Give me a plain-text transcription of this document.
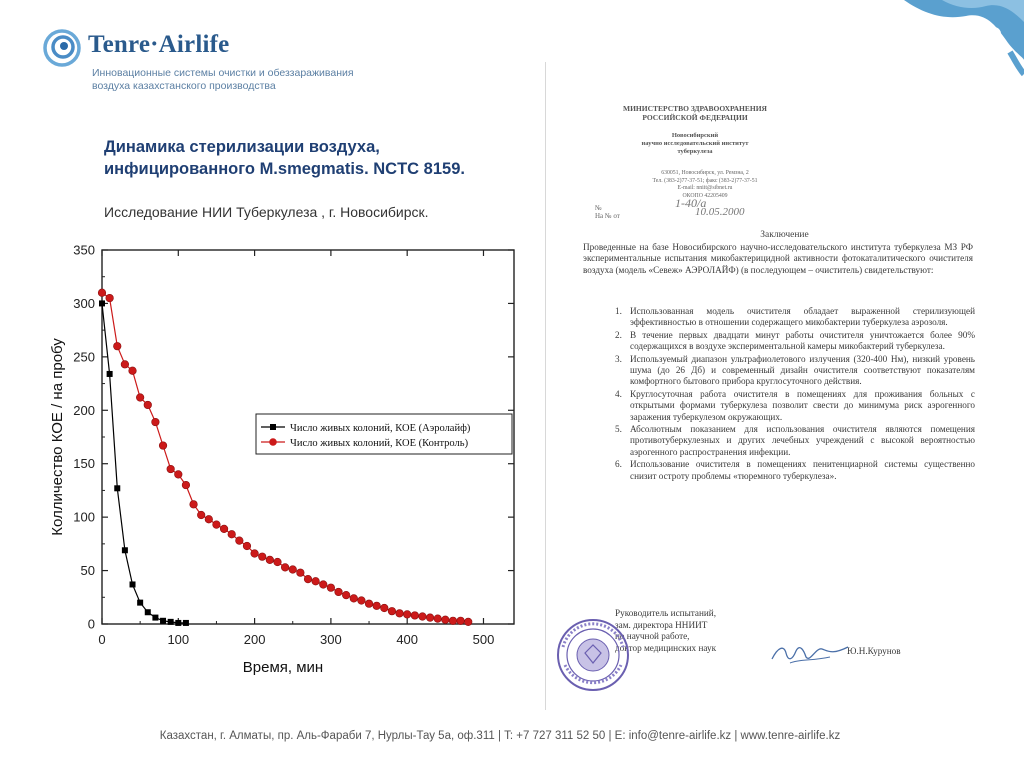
Tenre·Airlife
Инновационные системы очистки и обеззараживания
воздуха казахстанского производства
Динамика стерилизации воздуха,
инфицированного M.smegmatis. NCTC 8159.
Исследование НИИ Туберкулеза , г. Новосибирск.
0	100	200	300	400	500
0
50
100
150
200
250
300
350
Время, мин
Колличество КОЕ / на пробу	Число живых колоний, КОЕ (Аэролайф)
Число живых колоний, КОЕ (Контроль)
МИНИСТЕРСТВО ЗДРАВООХРАНЕНИЯ
РОССИЙСКОЙ ФЕДЕРАЦИИ
Новосибирский
научно исследовательский институт
туберкулеза
630051, Новосибирск, ул. Ремзна, 2
Тел. (383-2)77-37-51; факс (383-2)77-37-51
E-mail: nniit@sibnet.ru
ОКОПО 42205409
№
На № от
1-40/а
10.05.2000
Заключение
Проведенные на базе Новосибирского научно-исследовательского института туберкулеза МЗ РФ экспериментальные испытания микобактерицидной активности фотокаталитического очистителя воздуха (модель «Севеж» АЭРОЛАЙФ) (в последующем – очиститель) свидетельствуют:
1. Использованная модель очистителя обладает выраженной стерилизующей эффективностью в отношении содержащего микобактерии туберкулеза аэрозоля.
2. В течение первых двадцати минут работы очистителя уничтожается более 90% содержащихся в воздухе экспериментальной камеры микобактерий туберкулеза.
3. Используемый диапазон ультрафиолетового излучения (320-400 Нм), низкий уровень шума (до 26 Дб) и современный дизайн очистителя соответствуют показателям комфортного бытового прибора круглосуточного действия.
4. Круглосуточная работа очистителя в помещениях для проживания больных с открытыми формами туберкулеза позволит свести до минимума риск аэрогенного заражения туберкулезом окружающих.
5. Абсолютным показанием для использования очистителя являются помещения противотуберкулезных и других лечебных учреждений с высокой вероятностью аэрогенного распространения инфекции.
6. Использование очистителя в помещениях пенитенциарной системы существенно снизит остроту проблемы «тюремного туберкулеза».
Руководитель испытаний,
зам. директора ННИИТ
по научной работе,
доктор медицинских наук	Ю.Н.Курунов
Казахстан, г. Алматы, пр. Аль-Фараби 7, Нурлы-Тау 5а, оф.311 | T: +7 727 311 52 50 | E: info@tenre-airlife.kz | www.tenre-airlife.kz
